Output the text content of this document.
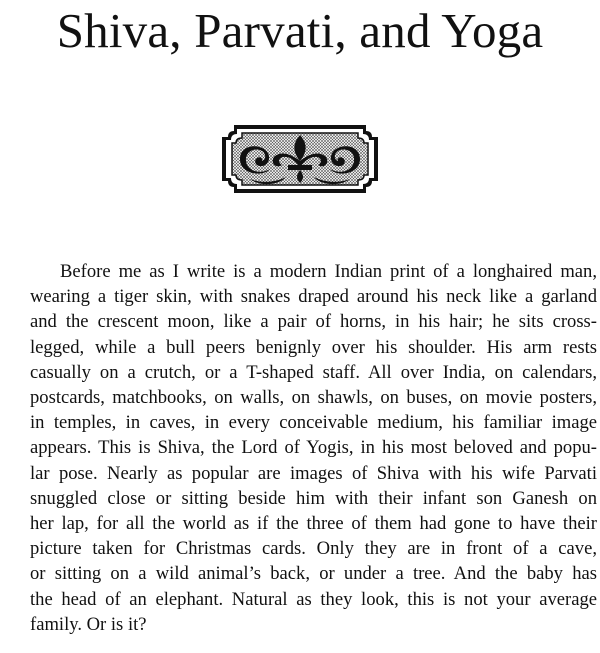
Shiva, Parvati, and Yoga
Before me as I write is a modern Indian print of a longhaired man,
wearing a tiger skin, with snakes draped around his neck like a garland
and the crescent moon, like a pair of horns, in his hair; he sits cross-
legged, while a bull peers benignly over his shoulder. His arm rests
casually on a crutch, or a T-shaped staff. All over India, on calendars,
postcards, matchbooks, on walls, on shawls, on buses, on movie posters,
in temples, in caves, in every conceivable medium, his familiar image
appears. This is Shiva, the Lord of Yogis, in his most beloved and popu-
lar pose. Nearly as popular are images of Shiva with his wife Parvati
snuggled close or sitting beside him with their infant son Ganesh on
her lap, for all the world as if the three of them had gone to have their
picture taken for Christmas cards. Only they are in front of a cave,
or sitting on a wild animal’s back, or under a tree. And the baby has
the head of an elephant. Natural as they look, this is not your average
family. Or is it?
